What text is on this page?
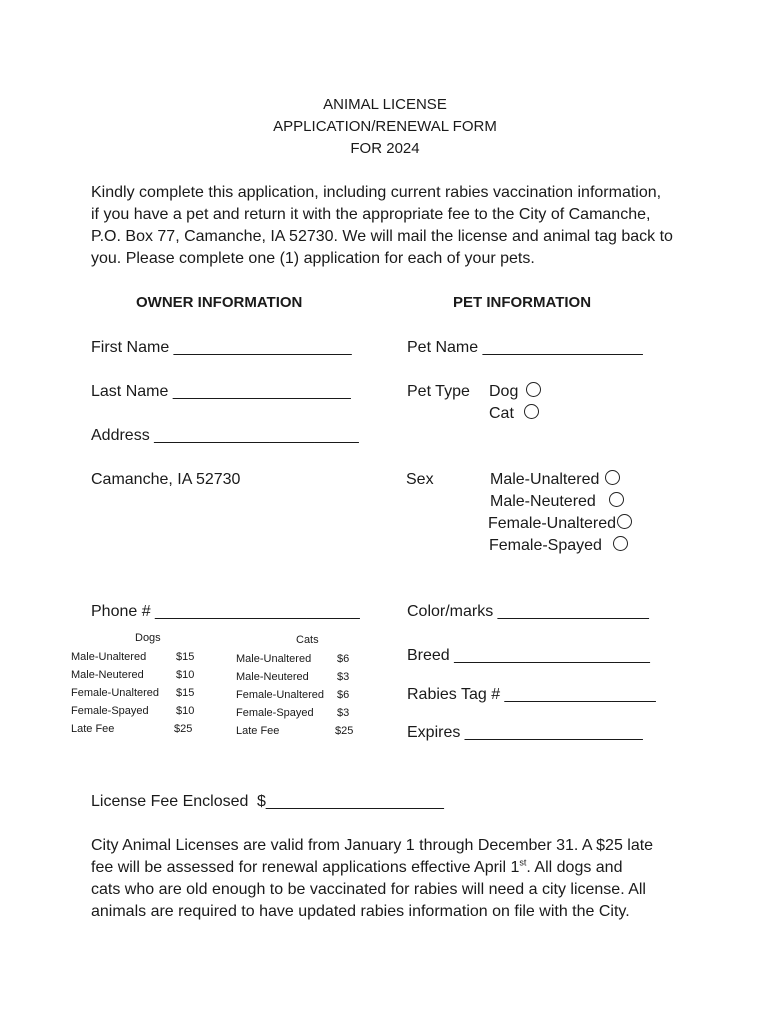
ANIMAL LICENSE
APPLICATION/RENEWAL FORM
FOR 2024
Kindly complete this application, including current rabies vaccination information,
if you have a pet and return it with the appropriate fee to the City of Camanche,
P.O. Box 77, Camanche, IA 52730. We will mail the license and animal tag back to
you. Please complete one (1) application for each of your pets.
OWNER INFORMATION	PET INFORMATION
First Name ____________________
Last Name ____________________
Address _______________________
Camanche, IA 52730
Phone # _______________________
Pet Name __________________
Pet Type Dog
Cat
Sex	Male-Unaltered
Male-Neutered
Female-Unaltered
Female-Spayed
Color/marks _________________
Breed ______________________
Rabies Tag # _________________
Expires ____________________
Dogs
Male-Unaltered	$15
Male-Neutered	$10
Female-Unaltered $15
Female-Spayed $10
Late Fee	$25
Cats
Male-Unaltered $6
Male-Neutered	$3
Female-Unaltered $6
Female-Spayed $3
Late Fee	$25
License Fee Enclosed $____________________
City Animal Licenses are valid from January 1 through December 31. A $25 late
fee will be assessed for renewal applications effective April 1st. All dogs and
cats who are old enough to be vaccinated for rabies will need a city license. All
animals are required to have updated rabies information on file with the City.
